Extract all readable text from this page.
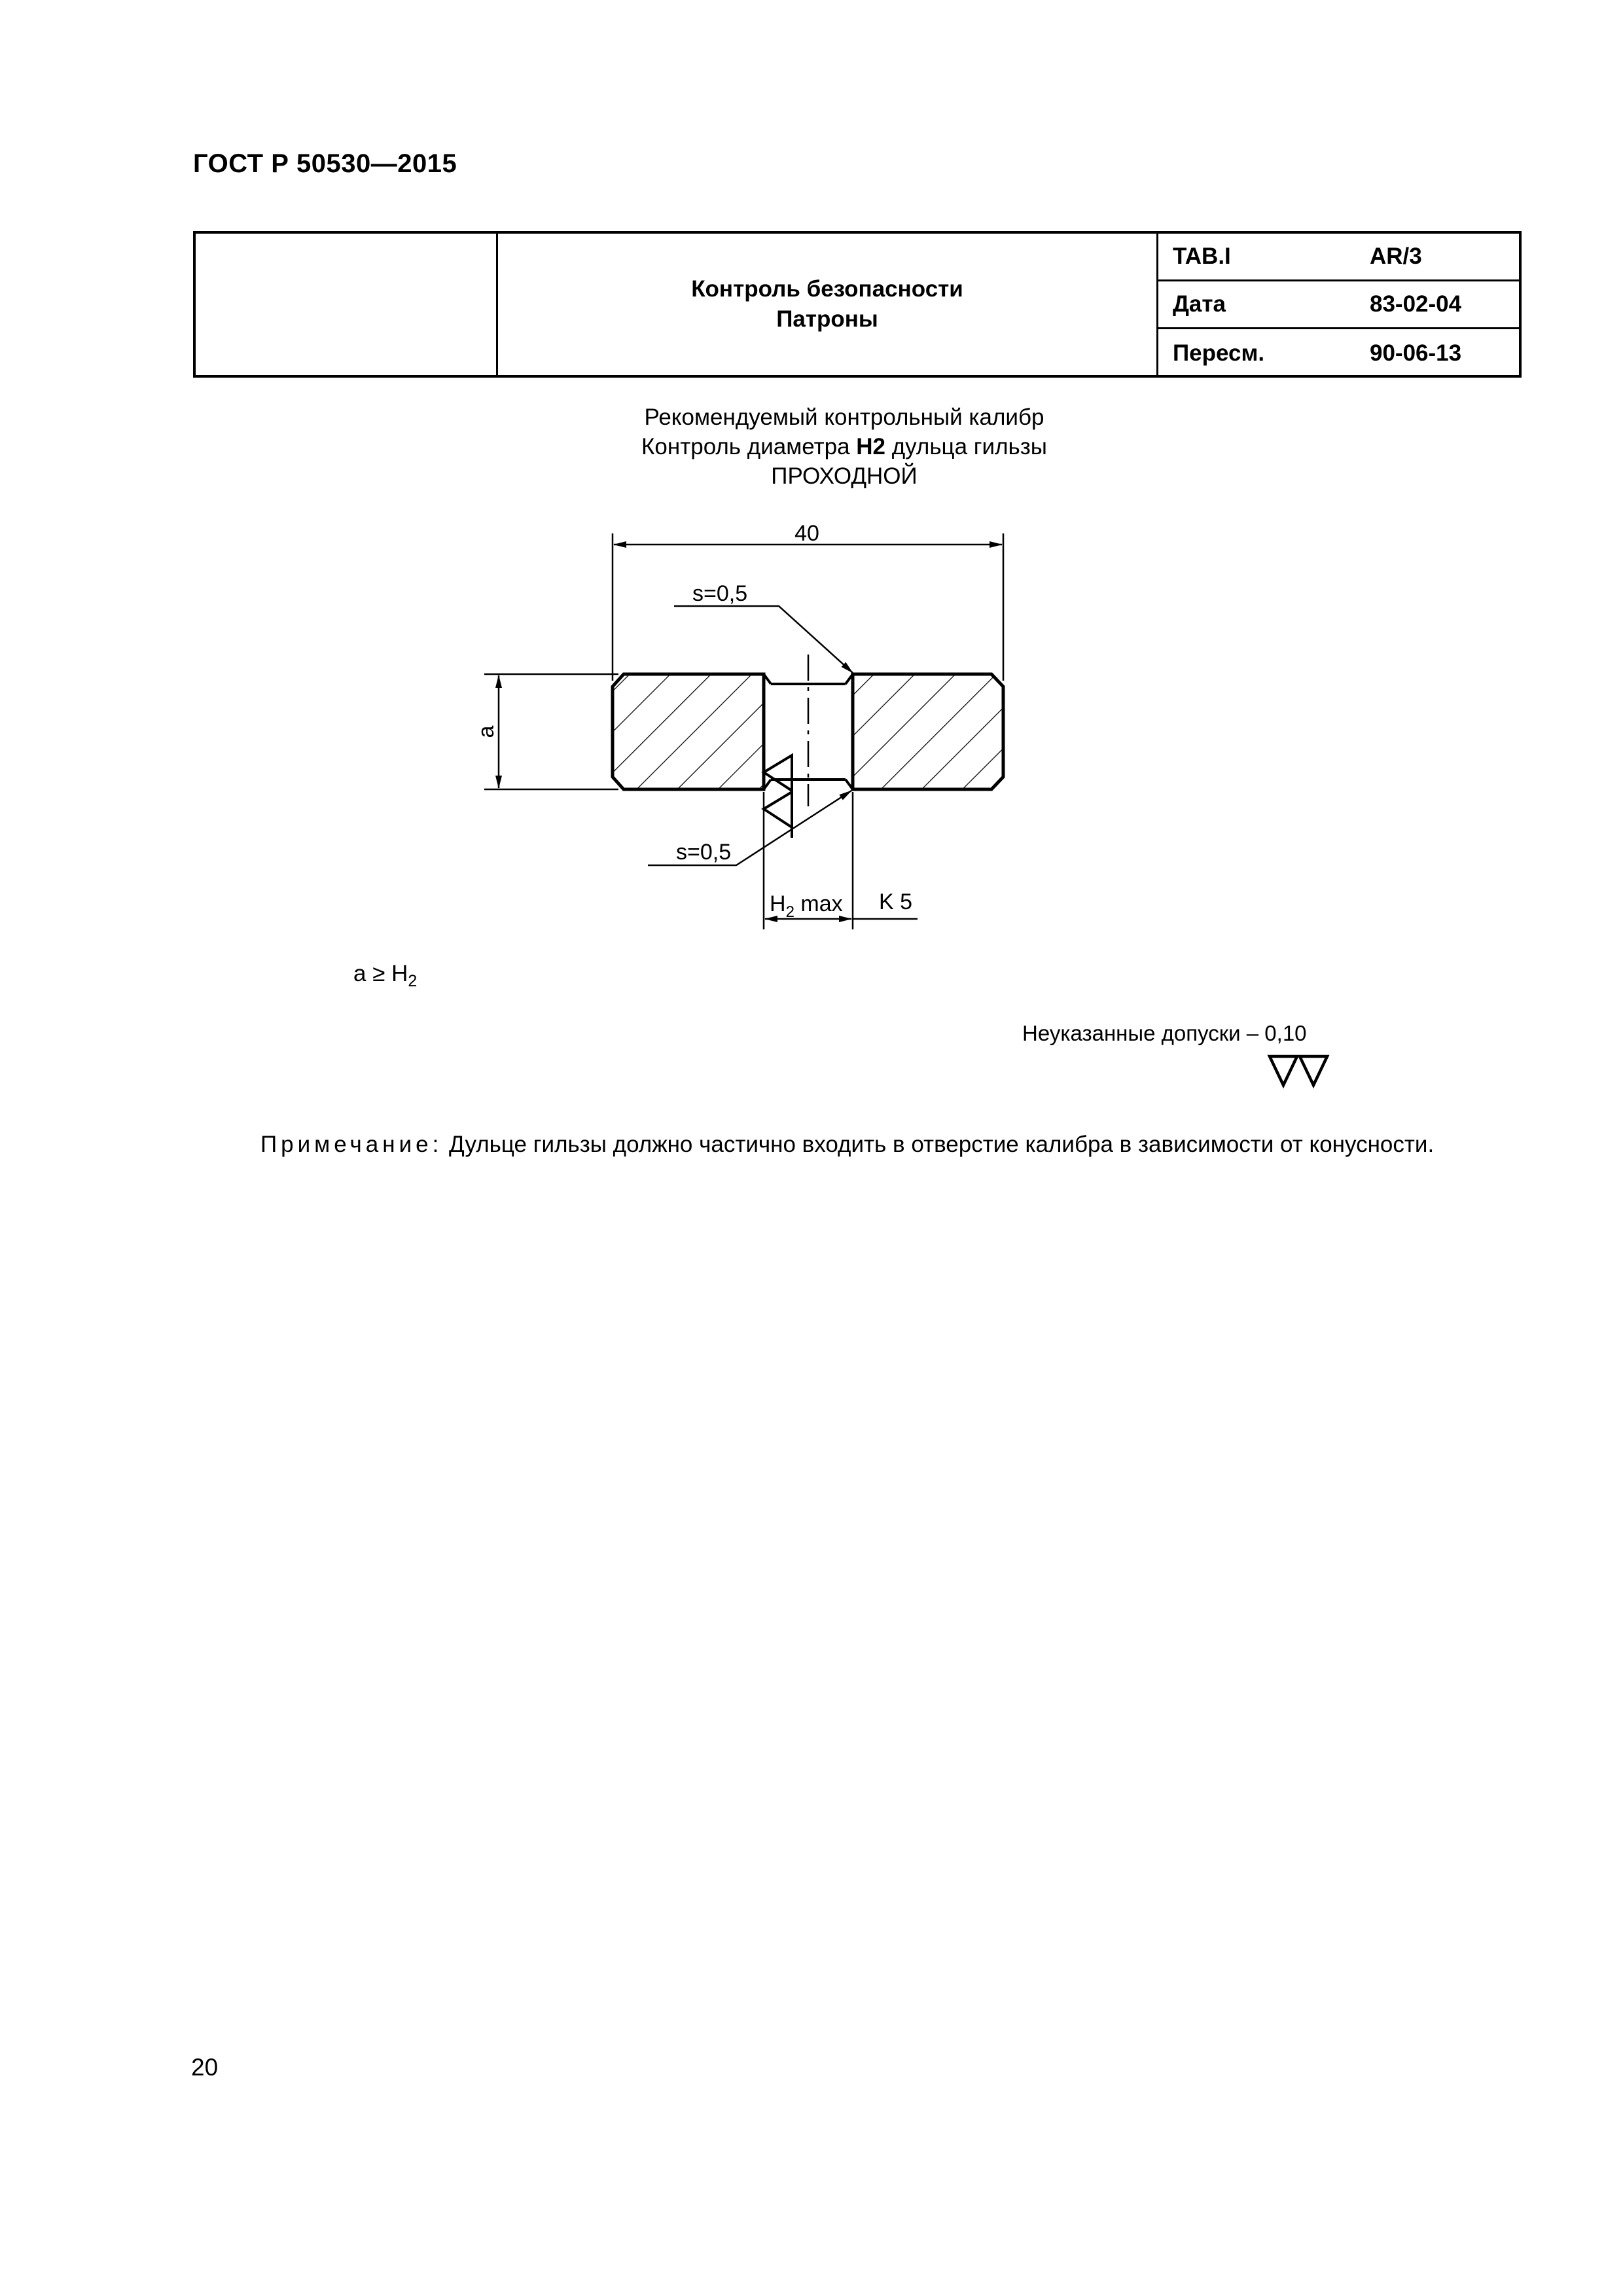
ГОСТ Р 50530—2015
Контроль безопасности
Патроны
TAB.I	AR/3
Дата	83-02-04
Пересм.	90-06-13
Рекомендуемый контрольный калибр
Контроль диаметра H2 дульца гильзы
ПРОХОДНОЙ
40
a
s=0,5
s=0,5
$H_2$ max K 5
$a \ge H_2$
Неуказанные допуски – 0,10
Примечание: Дульце гильзы должно частично входить в отверстие калибра в зависимости от конусности.
20
